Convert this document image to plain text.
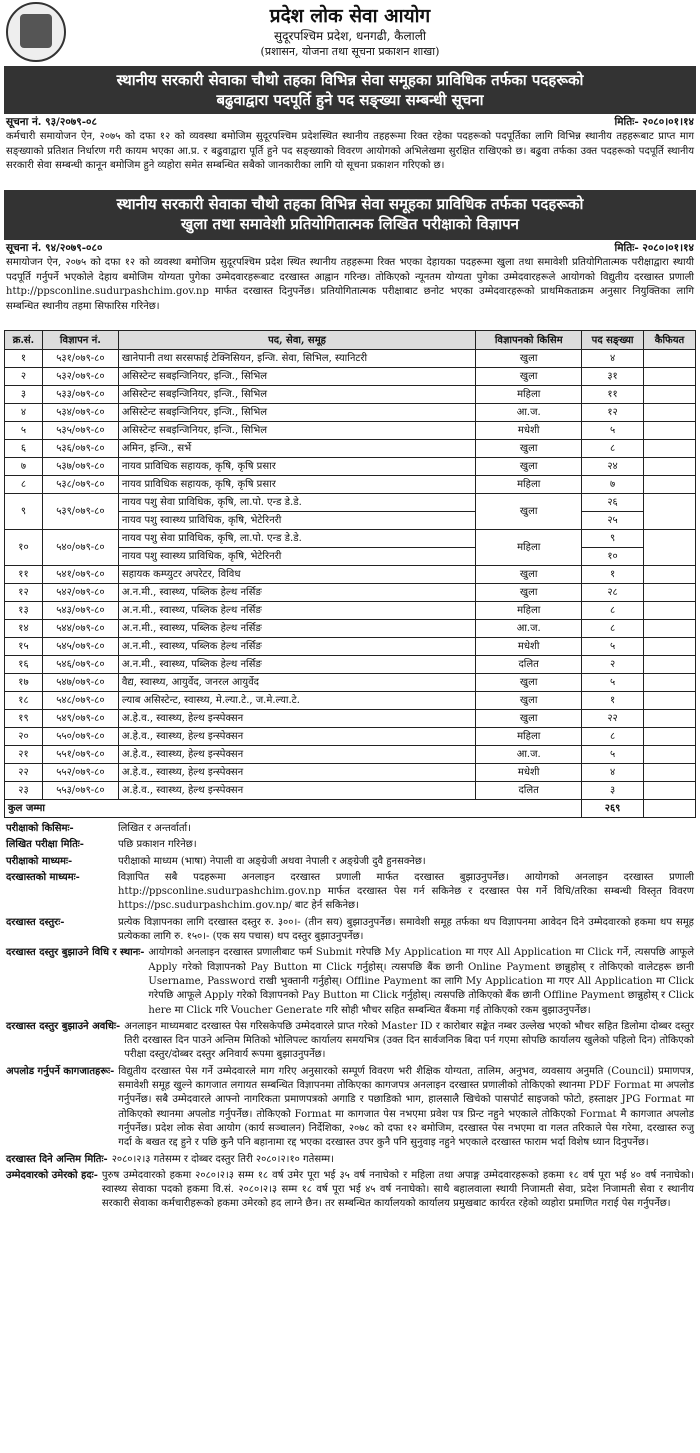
प्रदेश लोक सेवा आयोग
सुदूरपश्चिम प्रदेश, धनगढी, कैलाली
(प्रशासन, योजना तथा सूचना प्रकाशन शाखा)
स्थानीय सरकारी सेवाका चौथो तहका विभिन्न सेवा समूहका प्राविधिक तर्फका पदहरूको
बढुवाद्वारा पदपूर्ति हुने पद सङ्ख्या सम्बन्धी सूचना
सूचना नं. ९३/२०७९-०८	मितिः- २०८०।०१।१४
कर्मचारी समायोजन ऐन, २०७५ को दफा १२ को व्यवस्था बमोजिम सुदूरपश्चिम प्रदेशस्थित स्थानीय तहहरूमा रिक्त रहेका पदहरूको पदपूर्तिका लागि विभिन्न स्थानीय तहहरूबाट प्राप्त माग सङ्ख्याको प्रतिशत निर्धारण गरी कायम भएका आ.प्र. र बढुवाद्वारा पूर्ति हुने पद सङ्ख्याको विवरण आयोगको अभिलेखमा सुरक्षित राखिएको छ। बढुवा तर्फका उक्त पदहरूको पदपूर्ति स्थानीय सरकारी सेवा सम्बन्धी कानून बमोजिम हुने व्यहोरा समेत सम्बन्धित सबैको जानकारीका लागि यो सूचना प्रकाशन गरिएको छ।
स्थानीय सरकारी सेवाका चौथो तहका विभिन्न सेवा समूहका प्राविधिक तर्फका पदहरूको
खुला तथा समावेशी प्रतियोगितात्मक लिखित परीक्षाको विज्ञापन
सूचना नं. ९४/२०७९-०८०	मितिः- २०८०।०१।१४
समायोजन ऐन, २०७५ को दफा १२ को व्यवस्था बमोजिम सुदूरपश्चिम प्रदेश स्थित स्थानीय तहहरूमा रिक्त भएका देहायका पदहरूमा खुला तथा समावेशी प्रतियोगितात्मक परीक्षाद्वारा स्थायी पदपूर्ति गर्नुपर्ने भएकोले देहाय बमोजिम योग्यता पुगेका उम्मेदवारहरूबाट दरखास्त आह्वान गरिन्छ। तोकिएको न्यूनतम योग्यता पुगेका उम्मेदवारहरूले आयोगको विद्युतीय दरखास्त प्रणाली http://ppsconline.sudurpashchim.gov.np मार्फत दरखास्त दिनुपर्नेछ। प्रतियोगितात्मक परीक्षाबाट छनोट भएका उम्मेदवारहरूको प्राथमिकताक्रम अनुसार नियुक्तिका लागि सम्बन्धित स्थानीय तहमा सिफारिस गरिनेछ।
क्र.सं.	विज्ञापन नं.	पद, सेवा, समूह	विज्ञापनको किसिम	पद सङ्ख्या	कैफियत
१	५३१/०७९-८०	खानेपानी तथा सरसफाई टेक्निसियन, इन्जि. सेवा, सिभिल, स्यानिटरी	खुला	४	
२	५३२/०७९-८०	असिस्टेन्ट सबइन्जिनियर, इन्जि., सिभिल	खुला	३१	
३	५३३/०७९-८०	असिस्टेन्ट सबइन्जिनियर, इन्जि., सिभिल	महिला	११	
४	५३४/०७९-८०	असिस्टेन्ट सबइन्जिनियर, इन्जि., सिभिल	आ.ज.	१२	
५	५३५/०७९-८०	असिस्टेन्ट सबइन्जिनियर, इन्जि., सिभिल	मधेशी	५	
६	५३६/०७९-८०	अमिन, इन्जि., सर्भे	खुला	८	
७	५३७/०७९-८०	नायव प्राविधिक सहायक, कृषि, कृषि प्रसार	खुला	२४	
८	५३८/०७९-८०	नायव प्राविधिक सहायक, कृषि, कृषि प्रसार	महिला	७	
९	५३९/०७९-८०	नायव पशु सेवा प्राविधिक, कृषि, ला.पो. एन्ड डे.डे.	खुला	२६	
		नायव पशु स्वास्थ्य प्राविधिक, कृषि, भेटेरिनरी		२५	
१०	५४०/०७९-८०	नायव पशु सेवा प्राविधिक, कृषि, ला.पो. एन्ड डे.डे.	महिला	९	
		नायव पशु स्वास्थ्य प्राविधिक, कृषि, भेटेरिनरी		१०	
११	५४१/०७९-८०	सहायक कम्प्युटर अपरेटर, विविध	खुला	१	
१२	५४२/०७९-८०	अ.न.मी., स्वास्थ्य, पब्लिक हेल्थ नर्सिङ	खुला	२८	
१३	५४३/०७९-८०	अ.न.मी., स्वास्थ्य, पब्लिक हेल्थ नर्सिङ	महिला	८	
१४	५४४/०७९-८०	अ.न.मी., स्वास्थ्य, पब्लिक हेल्थ नर्सिङ	आ.ज.	८	
१५	५४५/०७९-८०	अ.न.मी., स्वास्थ्य, पब्लिक हेल्थ नर्सिङ	मधेशी	५	
१६	५४६/०७९-८०	अ.न.मी., स्वास्थ्य, पब्लिक हेल्थ नर्सिङ	दलित	२	
१७	५४७/०७९-८०	वैद्य, स्वास्थ्य, आयुर्वेद, जनरल आयुर्वेद	खुला	५	
१८	५४८/०७९-८०	ल्याब असिस्टेन्ट, स्वास्थ्य, मे.ल्या.टे., ज.मे.ल्या.टे.	खुला	१	
१९	५४९/०७९-८०	अ.हे.व., स्वास्थ्य, हेल्थ इन्स्पेक्सन	खुला	२२	
२०	५५०/०७९-८०	अ.हे.व., स्वास्थ्य, हेल्थ इन्स्पेक्सन	महिला	८	
२१	५५१/०७९-८०	अ.हे.व., स्वास्थ्य, हेल्थ इन्स्पेक्सन	आ.ज.	५	
२२	५५२/०७९-८०	अ.हे.व., स्वास्थ्य, हेल्थ इन्स्पेक्सन	मधेशी	४	
२३	५५३/०७९-८०	अ.हे.व., स्वास्थ्य, हेल्थ इन्स्पेक्सन	दलित	३	
कुल जम्मा				२६९	
परीक्षाको किसिमः-	लिखित र अन्तर्वार्ता।
लिखित परीक्षा मितिः-	पछि प्रकाशन गरिनेछ।
परीक्षाको माध्यमः-	परीक्षाको माध्यम (भाषा) नेपाली वा अङ्ग्रेजी अथवा नेपाली र अङ्ग्रेजी दुवै हुनसक्नेछ।
दरखास्तको माध्यमः-	विज्ञापित सबै पदहरूमा अनलाइन दरखास्त प्रणाली मार्फत दरखास्त बुझाउनुपर्नेछ। आयोगको अनलाइन दरखास्त प्रणाली http://ppsconline.sudurpashchim.gov.np मार्फत दरखास्त पेस गर्न सकिनेछ र दरखास्त पेस गर्ने विधि/तरिका सम्बन्धी विस्तृत विवरण https://psc.sudurpashchim.gov.np/ बाट हेर्न सकिनेछ।
दरखास्त दस्तुरः-	प्रत्येक विज्ञापनका लागि दरखास्त दस्तुर रु. ३००।- (तीन सय) बुझाउनुपर्नेछ। समावेशी समूह तर्फका थप विज्ञापनमा आवेदन दिने उम्मेदवारको हकमा थप समूह प्रत्येकका लागि रु. १५०।- (एक सय पचास) थप दस्तुर बुझाउनुपर्नेछ।
दरखास्त दस्तुर बुझाउने विधि र स्थानः- आयोगको अनलाइन दरखास्त प्रणालीबाट फर्म Submit गरेपछि My Application मा गएर All Application मा Click गर्ने, त्यसपछि आफूले Apply गरेको विज्ञापनको Pay Button मा Click गर्नुहोस्। त्यसपछि बैंक छानी Online Payment छान्नुहोस् र तोकिएको वालेटहरू छानी Username, Password राखी भुक्तानी गर्नुहोस्। Offline Payment का लागि My Application मा गएर All Application मा Click गरेपछि आफूले Apply गरेको विज्ञापनको Pay Button मा Click गर्नुहोस्। त्यसपछि तोकिएको बैंक छानी Offline Payment छान्नुहोस् र Click here मा Click गरि Voucher Generate गरि सोही भौचर सहित सम्बन्धित बैंकमा गई तोकिएको रकम बुझाउनुपर्नेछ।
दरखास्त दस्तुर बुझाउने अवधिः- अनलाइन माध्यमबाट दरखास्त पेस गरिसकेपछि उम्मेदवारले प्राप्त गरेको Master ID र कारोबार सङ्केत नम्बर उल्लेख भएको भौचर सहित डिलोमा दोब्बर दस्तुर तिरी दरखास्त दिन पाउने अन्तिम मितिको भोलिपल्ट कार्यालय समयभित्र (उक्त दिन सार्वजनिक बिदा पर्न गएमा सोपछि कार्यालय खुलेको पहिलो दिन) तोकिएको परीक्षा दस्तुर/दोब्बर दस्तुर अनिवार्य रूपमा बुझाउनुपर्नेछ।
अपलोड गर्नुपर्ने कागजातहरूः- विद्युतीय दरखास्त पेस गर्ने उम्मेदवारले माग गरिए अनुसारको सम्पूर्ण विवरण भरी शैक्षिक योग्यता, तालिम, अनुभव, व्यवसाय अनुमति (Council) प्रमाणपत्र, समावेशी समूह खुल्ने कागजात लगायत सम्बन्धित विज्ञापनमा तोकिएका कागजपत्र अनलाइन दरखास्त प्रणालीको तोकिएको स्थानमा PDF Format मा अपलोड गर्नुपर्नेछ। सबै उम्मेदवारले आफ्नो नागरिकता प्रमाणपत्रको अगाडि र पछाडिको भाग, हालसालै खिचेको पासपोर्ट साइजको फोटो, हस्ताक्षर JPG Format मा तोकिएको स्थानमा अपलोड गर्नुपर्नेछ। तोकिएको Format मा कागजात पेस नभएमा प्रवेश पत्र प्रिन्ट नहुने भएकाले तोकिएको Format मै कागजात अपलोड गर्नुपर्नेछ। प्रदेश लोक सेवा आयोग (कार्य सञ्चालन) निर्देशिका, २०७८ को दफा १२ बमोजिम, दरखास्त पेस नभएमा वा गलत तरिकाले पेस गरेमा, दरखास्त रुजु गर्दा के बखत रद्द हुने र पछि कुनै पनि बहानामा रद्द भएका दरखास्त उपर कुनै पनि सुनुवाइ नहुने भएकाले दरखास्त फाराम भर्दा विशेष ध्यान दिनुपर्नेछ।
दरखास्त दिने अन्तिम मितिः- २०८०।२।३ गतेसम्म र दोब्बर दस्तुर तिरी २०८०।२।१० गतेसम्म।
उम्मेदवारको उमेरको हदः- पुरुष उम्मेदवारको हकमा २०८०।२।३ सम्म १८ वर्ष उमेर पूरा भई ३५ वर्ष ननाघेको र महिला तथा अपाङ्ग उम्मेदवारहरूको हकमा १८ वर्ष पूरा भई ४० वर्ष ननाघेको। स्वास्थ्य सेवाका पदको हकमा वि.सं. २०८०।२।३ सम्म १८ वर्ष पूरा भई ४५ वर्ष ननाघेको। साथै बहालवाला स्थायी निजामती सेवा, प्रदेश निजामती सेवा र स्थानीय सरकारी सेवाका कर्मचारीहरूको हकमा उमेरको हद लाग्ने छैन। तर सम्बन्धित कार्यालयको कार्यालय प्रमुखबाट कार्यरत रहेको व्यहोरा प्रमाणित गराई पेस गर्नुपर्नेछ।
